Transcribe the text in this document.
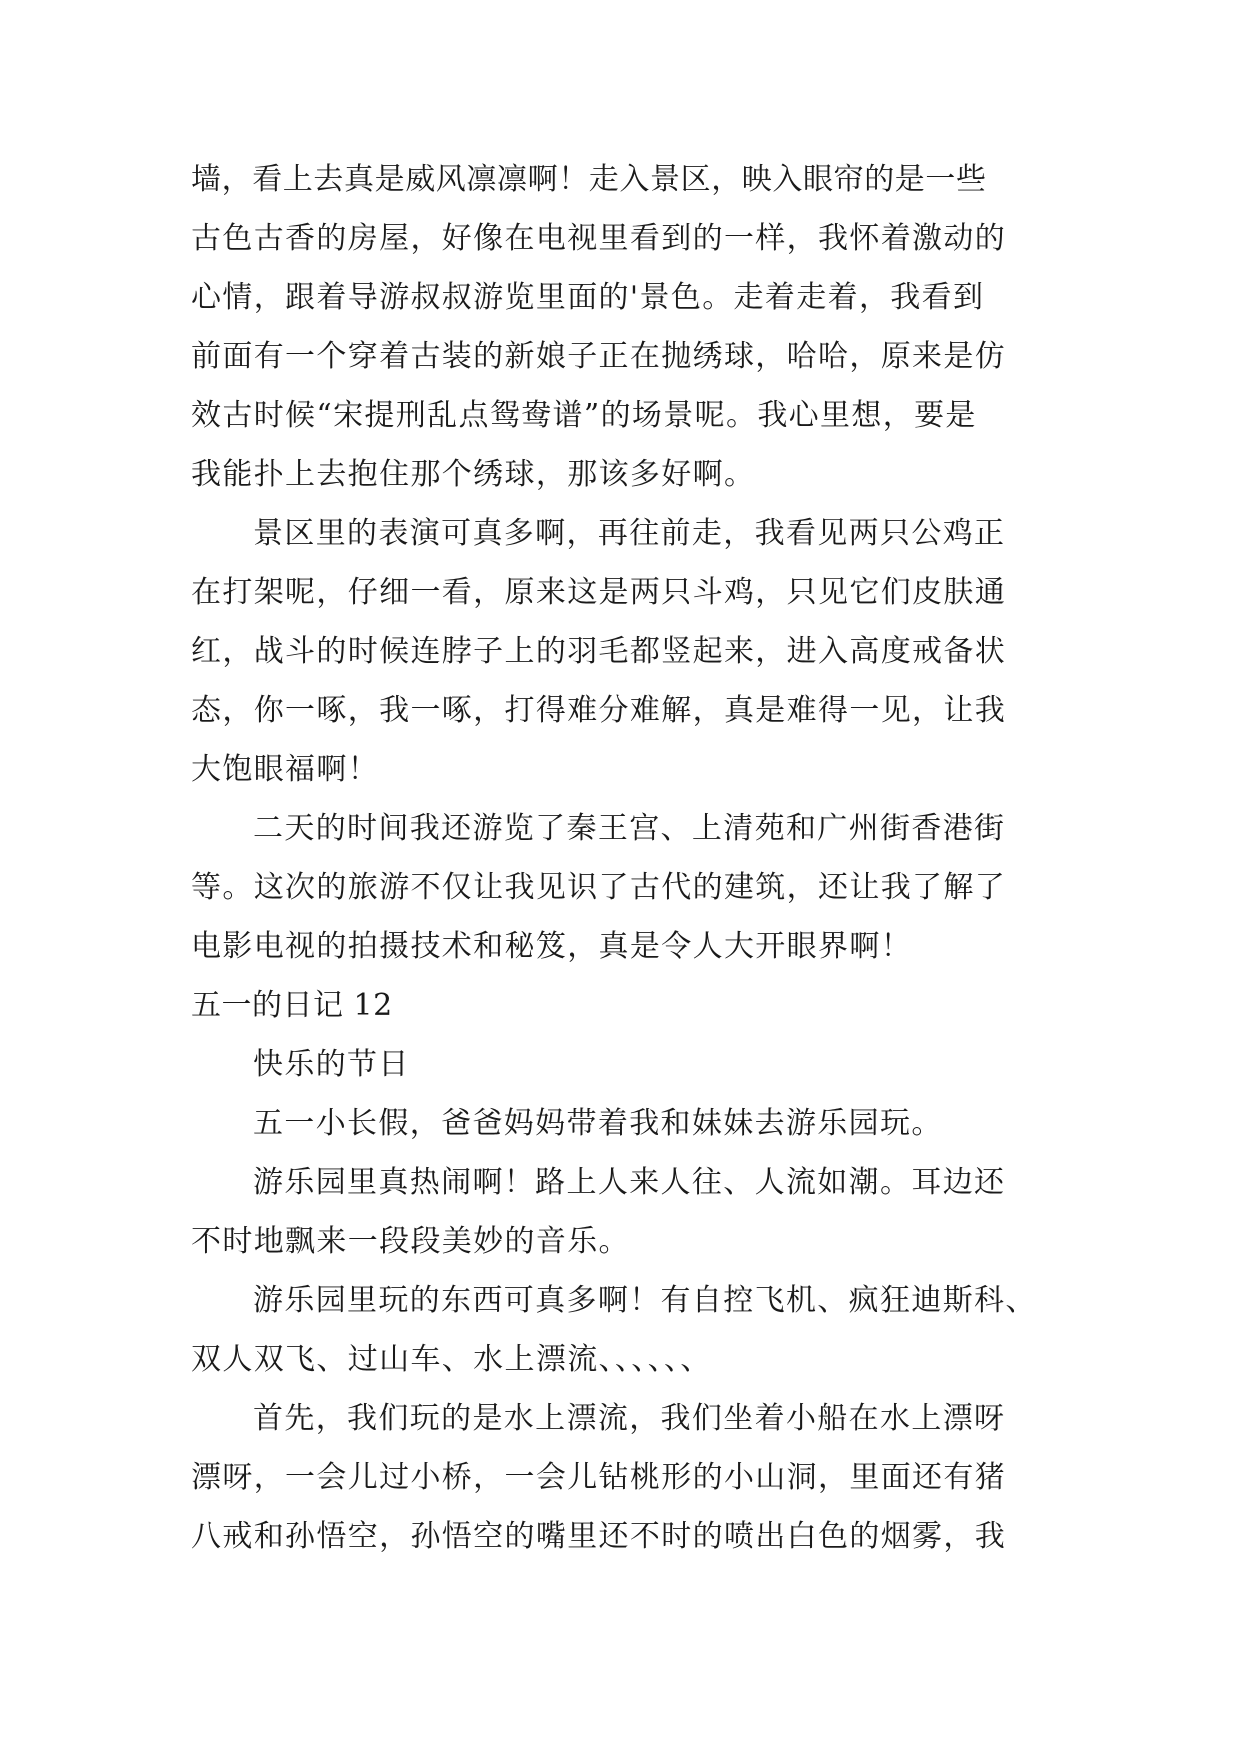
墙，看上去真是威风凛凛啊！走入景区，映入眼帘的是一些
古色古香的房屋，好像在电视里看到的一样，我怀着激动的
心情，跟着导游叔叔游览里面的'景色。走着走着，我看到
前面有一个穿着古装的新娘子正在抛绣球，哈哈，原来是仿
效古时候“宋提刑乱点鸳鸯谱”的场景呢。我心里想，要是
我能扑上去抱住那个绣球，那该多好啊。
景区里的表演可真多啊，再往前走，我看见两只公鸡正
在打架呢，仔细一看，原来这是两只斗鸡，只见它们皮肤通
红，战斗的时候连脖子上的羽毛都竖起来，进入高度戒备状
态，你一啄，我一啄，打得难分难解，真是难得一见，让我
大饱眼福啊！
二天的时间我还游览了秦王宫、上清苑和广州街香港街
等。这次的旅游不仅让我见识了古代的建筑，还让我了解了
电影电视的拍摄技术和秘笈，真是令人大开眼界啊！
五一的日记 12
快乐的节日
五一小长假，爸爸妈妈带着我和妹妹去游乐园玩。
游乐园里真热闹啊！路上人来人往、人流如潮。耳边还
不时地飘来一段段美妙的音乐。
游乐园里玩的东西可真多啊！有自控飞机、疯狂迪斯科、
双人双飞、过山车、水上漂流、、、、、、
首先，我们玩的是水上漂流，我们坐着小船在水上漂呀
漂呀，一会儿过小桥，一会儿钻桃形的小山洞，里面还有猪
八戒和孙悟空，孙悟空的嘴里还不时的喷出白色的烟雾，我
